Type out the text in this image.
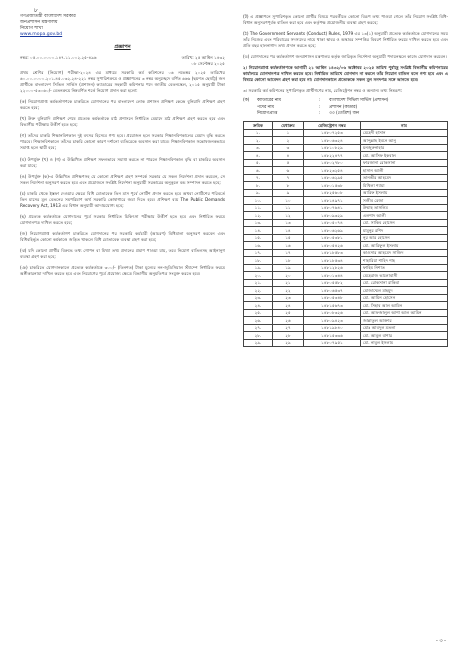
৮
গণপ্রজাতন্ত্রী বাংলাদেশ সরকার
জনপ্রশাসন মন্ত্রণালয়
নিয়োগ শাখা
www.mopa.gov.bd
প্রজ্ঞাপন
নম্বর: ০৫.০০.০০০০.১৪৭.১১.০০২.২৫-৪৯৬	তারিখ: ২৫ আশ্বিন ১৪৩২
০৮ সেপ্টেম্বর ২০২৫
প্রথম শ্রেণির (নিয়োগ) পরীক্ষা-২০২৪ এর মাধ্যমে সরকারি কর্ম কমিশনের ০৬ নভেম্বর ২০২৫ তারিখের ৬০.০০.০০০০.২০১.৪৫.০৩২.২৪-২২১ নম্বর সুপারিশক্রমে ও প্রজ্ঞাপনের ৩ নম্বর অনুচ্ছেদে বর্ণিত ৬৬৬ (ছয়শত ছেষট্টি) জন প্রার্থীকে বাংলাদেশ সিভিল সার্ভিস (প্রশাসন) ক্যাডারের সহকারী কমিশনার পদে জাতীয় বেতনস্কেল, ২০১৫ অনুযায়ী টাকা ২২০০০-৫৩০৬০/- বেতনক্রমে নিম্নবর্ণিত শর্তে নিয়োগ প্রদান করা হলো:
(ক) নিয়োগপ্রাপ্ত কর্মকর্তাগণকে চাকরিতে যোগদানের পর বাংলাদেশ লোক প্রশাসন প্রশিক্ষণ কেন্দ্রে বুনিয়াদি প্রশিক্ষণ গ্রহণ করতে হবে;
(খ) উক্ত বুনিয়াদি প্রশিক্ষণ শেষে প্রত্যেক কর্মকর্তাকে মাঠ প্রশাসনে নির্ধারিত মেয়াদে মাঠ প্রশিক্ষণ গ্রহণ করতে হবে এবং বিভাগীয় পরীক্ষায় উত্তীর্ণ হতে হবে;
(গ) তাঁদের চাকরি শিক্ষানবিশকাল দুই বৎসর হিসেবে গণ্য হবে। প্রয়োজন হলে সরকার শিক্ষানবিশকালের মেয়াদ বৃদ্ধি করতে পারবে। শিক্ষানবিশকালে তাঁদের চাকরি কোনো কারণ দর্শানো ব্যতিরেকে অবসান করা যাবে। শিক্ষানবিশকাল সন্তোষজনকভাবে সমাপ্ত হলে স্থায়ী হবে;
(ঘ) উপর্যুক্ত (খ) ও (গ) এ উল্লিখিত প্রশিক্ষণ সফলভাবে সমাপ্ত করতে না পারলে শিক্ষানবিশকাল বৃদ্ধি বা চাকরির অবসান করা যাবে;
(ঙ) উপর্যুক্ত (ক)-এ উল্লিখিত প্রশিক্ষণসহ যে কোনো প্রশিক্ষণ গ্রহণ সম্পর্কে সরকার যে সকল নির্দেশনা প্রদান করবেন, সে সকল নির্দেশনা অনুসরণ করতে হবে এবং প্রয়োজনে সংশ্লিষ্ট নির্দেশনা অনুযায়ী সরকারের অনুকূলে বন্ড সম্পাদন করতে হবে;
(চ) চাকরি থেকে ইস্তফা দেওয়ার ক্ষেত্রে বিধি মোতাবেক তিন মাস পূর্বে নোটিশ প্রদান করতে হবে অথবা নোটিশের পরিবর্তে তিন মাসের মূল বেতনের সমপরিমাণ অর্থ সরকারি কোষাগারে জমা দিতে হবে। প্রশিক্ষণ ব্যয় The Public Demands Recovery Act, 1913 এর বিধান অনুযায়ী আদায়যোগ্য হবে;
(ছ) প্রত্যেক কর্মকর্তাকে যোগদানের পূর্বে সরকার নির্ধারিত চিকিৎসা পরীক্ষায় উত্তীর্ণ হতে হবে এবং নির্ধারিত ফরমে যোগদানপত্র দাখিল করতে হবে;
(জ) নিয়োগপ্রাপ্ত কর্মকর্তাগণ চাকরিতে যোগদানের পর সরকারি কর্মচারী (আচরণ) বিধিমালা অনুসরণ করবেন এবং বিধিবহির্ভূত কোনো কর্মকাণ্ডে জড়িত থাকলে বিধি মোতাবেক ব্যবস্থা গ্রহণ করা হবে;
(ঝ) যদি কোনো প্রার্থীর বিরুদ্ধে তথ্য গোপন বা মিথ্যা তথ্য প্রদানের প্রমাণ পাওয়া যায়, তবে নিয়োগ বাতিলসহ আইনানুগ ব্যবস্থা গ্রহণ করা হবে;
(ঞ) চাকরিতে যোগদানকালে প্রত্যেক কর্মকর্তাকে ৩০০/- (তিনশত) টাকা মূল্যের নন-জুডিসিয়াল স্ট্যাম্পে নির্ধারিত ফরমে অঙ্গীকারনামা দাখিল করতে হবে এবং নিয়োগের পূর্বে প্রযোজ্য ক্ষেত্রে বিভাগীয় অনুমতিপত্র সংযুক্ত করতে হবে।
(ট) এ প্রজ্ঞাপনে সুপারিশকৃত কোনো প্রার্থীর বিষয়ে পরবর্তীতে কোনো বিরূপ তথ্য পাওয়া গেলে তাঁর নিয়োগ সংশ্লিষ্ট বিধি-বিধান অনুসরণপূর্বক বাতিল করা হবে এবং কর্তৃপক্ষ প্রয়োজনীয় ব্যবস্থা গ্রহণ করবে;
(ঠ) The Government Servants (Conduct) Rules, 1979 এর ১৩(১) অনুযায়ী প্রত্যেক কর্মকর্তাকে যোগদানের সময় তাঁর নিজের এবং পরিবারের সদস্যদের নামে থাকা স্থাবর ও অস্থাবর সম্পত্তির বিবরণ নির্ধারিত ফরমে দাখিল করতে হবে এবং প্রতি বছর হালনাগাদ তথ্য প্রদান করতে হবে;
(ড) যোগদানের পর কর্মকর্তাগণ জনপ্রশাসন মন্ত্রণালয় কর্তৃক জারিকৃত নির্দেশনা অনুযায়ী পদায়নস্থলে কাজে যোগদান করবেন।
২। নিয়োগপ্রাপ্ত কর্মকর্তাগণকে আগামী ২১ আশ্বিন ১৪৩২/০৬ অক্টোবর ২০২৫ তারিখ পূর্বাহ্ণে সংশ্লিষ্ট বিভাগীয় কমিশনারের কার্যালয়ে যোগদানপত্র দাখিল করতে হবে। নির্ধারিত তারিখে যোগদান না করলে তাঁর নিয়োগ বাতিল বলে গণ্য হবে এবং এ বিষয়ে কোনো আবেদন গ্রহণ করা হবে না। যোগদানকালে প্রত্যেককে সকল মূল সনদপত্র সঙ্গে আনতে হবে।
৩। সরকারি কর্ম কমিশনের সুপারিশকৃত প্রার্থীগণের নাম, রেজিস্ট্রেশন নম্বর ও অন্যান্য তথ্য নিম্নরূপ:
(ক)	ক্যাডারের নাম	:	বাংলাদেশ সিভিল সার্ভিস (প্রশাসন)
পদের নাম	:	প্রশাসন (কাডার)
নিয়োগপ্রাপ্ত	:	৩৩ (তেত্রিশ) জন
ক্রমিক	মেধাক্রম	রেজিস্ট্রেশন নম্বর	নাম
১.	১	১৪৮০৭২৫৩	মেহেদী হাসান
২.	২	১৪৮০৬৩২৪	আব্দুল্লাহ ইবনে আনু
৩.	৩	১৪৮১০৮২৯	মনজুরুনাহার
৪.	৪	১৪৮২২৪৭৭	মো. আসিফ ইকবাল
৫.	৫	১৪৮০২৭৮০	ফারজানা রোকসানা
৬.	৬	১৪৮২৩২৫৪	হাসান আলী
৭.	৭	১৪৮০৬২৯৫	তানভীর আহমেদ
৮.	৮	১৪৮০১৫৩৮	মিথিলা শ্যামা
৯.	৯	১৪৮২৫৬০৮	আরিফ ইসলাম
১০.	১০	১৪৮১৪৯৭১	সজীব রেজা
১১.	১১	১৪৮০৭৬৪১	উম্মাহ তাসলিম
১২.	১২	১৪৮০৯৩২৯	এলশাদ আলী
১৩.	১৩	১৪৮০৫০৭৪	মো. সাকিব হোসেন
১৪.	১৪	১৪৮০৬২৬৯	মামুনুর রশিদ
১৫.	১৫	১৪৮০৫৩৮১	নূর আর হোসেন
১৬.	১৬	১৪৮০৫৪২৬	মো. আরিফুল ইসলাম
১৭.	১৭	১৪৮১৮৫৮৩	কাওসার আহমেদ সাজিদ
১৮.	১৮	১৪৮১৮৫৩৪	শাহারিয়া শাহিদ শাহ
১৯.	১৯	১৪৮১২৮২৬	ফাহিম নিশাত
২০.	২০	১৪৮০১৩৪৪	মেহেরাজ ভালোবাসী
২১.	২১	১৪৮০৫৫৮২	মো. রোকসানা রাকিবা
২২.	২২	১৪৮০৬৫৩৭	মোজাম্মেল মাহমুদ
২৩.	২৩	১৪৮০৫৩৪৮	মো. আমিন হোসেন
২৪.	২৪	১৪৮১৫৬৭৩	মো. সিহাব আল আমিন
২৫.	২৫	১৪৮০৮৩২৬	মো. আফজালুল আশা আল আমিন
২৬.	২৬	১৪৮০৯৪২৩	জান্নাতুল আক্তার
২৭.	২৭	১৪৮১৯৮৪০	মোঃ আবদুল মতলা
২৮.	২৮	১৪৮১৫৩৩৬	মো. আবুল বাশার
২৯.	২৯	১৪৮০৭৯৫১	মো. নাবুল ইসলাম
- ৩ -
